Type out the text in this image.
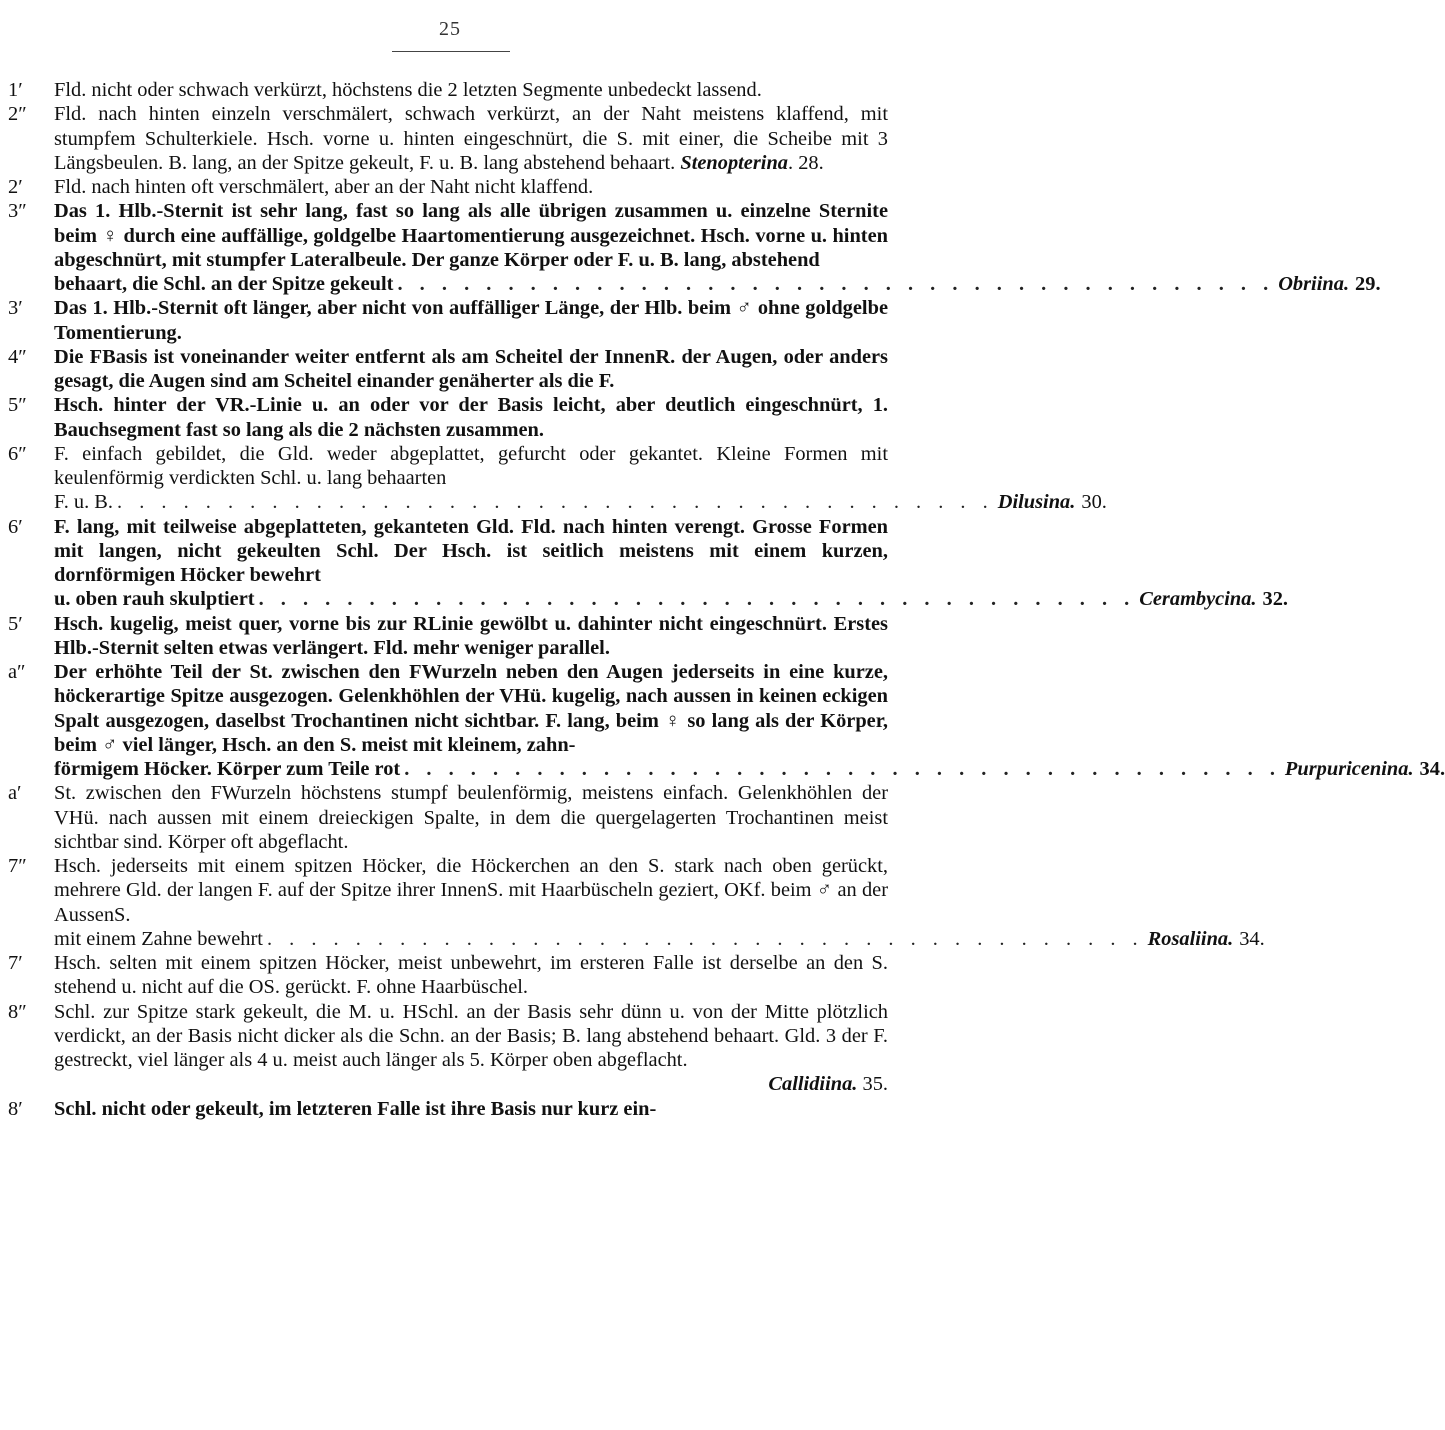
25
1′	Fld. nicht oder schwach verkürzt, höchstens die 2 letzten Segmente unbedeckt lassend.
2″	Fld. nach hinten einzeln verschmälert, schwach verkürzt, an der Naht meistens klaffend, mit stumpfem Schulterkiele. Hsch. vorne u. hinten eingeschnürt, die S. mit einer, die Scheibe mit 3 Längsbeulen. B. lang, an der Spitze gekeult, F. u. B. lang abstehend behaart. Stenopterina. 28.
2′	Fld. nach hinten oft verschmälert, aber an der Naht nicht klaffend.
3″	Das 1. Hlb.-Sternit ist sehr lang, fast so lang als alle übrigen zusammen u. einzelne Sternite beim ♀ durch eine auffällige, goldgelbe Haartomentierung ausgezeichnet. Hsch. vorne u. hinten abgeschnürt, mit stumpfer Lateralbeule. Der ganze Körper oder F. u. B. lang, abstehend
behaart, die Schl. an der Spitze gekeult . . . . . . . . . . . . . . . . . . . . . . . . . . . . . . . . . . . . . . . . Obriina . 29.
3′	Das 1. Hlb.-Sternit oft länger, aber nicht von auffälliger Länge, der Hlb. beim ♂ ohne goldgelbe Tomentierung.
4″	Die FBasis ist voneinander weiter entfernt als am Scheitel der InnenR. der Augen, oder anders gesagt, die Augen sind am Scheitel einander genäherter als die F.
5″	Hsch. hinter der VR.-Linie u. an oder vor der Basis leicht, aber deutlich eingeschnürt, 1. Bauchsegment fast so lang als die 2 nächsten zusammen.
6″	F. einfach gebildet, die Gld. weder abgeplattet, gefurcht oder gekantet. Kleine Formen mit keulenförmig verdickten Schl. u. lang behaarten
F. u. B. . . . . . . . . . . . . . . . . . . . . . . . . . . . . . . . . . . . . . . . . Dilusina . 30.
6′	F. lang, mit teilweise abgeplatteten, gekanteten Gld. Fld. nach hinten verengt. Grosse Formen mit langen, nicht gekeulten Schl. Der Hsch. ist seitlich meistens mit einem kurzen, dornförmigen Höcker bewehrt
u. oben rauh skulptiert . . . . . . . . . . . . . . . . . . . . . . . . . . . . . . . . . . . . . . . . Cerambycina . 32.
5′	Hsch. kugelig, meist quer, vorne bis zur RLinie gewölbt u. dahinter nicht eingeschnürt. Erstes Hlb.-Sternit selten etwas verlängert. Fld. mehr weniger parallel.
a″	Der erhöhte Teil der St. zwischen den FWurzeln neben den Augen jederseits in eine kurze, höckerartige Spitze ausgezogen. Gelenkhöhlen der VHü. kugelig, nach aussen in keinen eckigen Spalt ausgezogen, daselbst Trochantinen nicht sichtbar. F. lang, beim ♀ so lang als der Körper, beim ♂ viel länger, Hsch. an den S. meist mit kleinem, zahn-
förmigem Höcker. Körper zum Teile rot . . . . . . . . . . . . . . . . . . . . . . . . . . . . . . . . . . . . . . . . Purpuricenina . 34.
a′	St. zwischen den FWurzeln höchstens stumpf beulenförmig, meistens einfach. Gelenkhöhlen der VHü. nach aussen mit einem dreieckigen Spalte, in dem die quergelagerten Trochantinen meist sichtbar sind. Körper oft abgeflacht.
7″	Hsch. jederseits mit einem spitzen Höcker, die Höckerchen an den S. stark nach oben gerückt, mehrere Gld. der langen F. auf der Spitze ihrer InnenS. mit Haarbüscheln geziert, OKf. beim ♂ an der AussenS.
mit einem Zahne bewehrt . . . . . . . . . . . . . . . . . . . . . . . . . . . . . . . . . . . . . . . . Rosaliina . 34.
7′	Hsch. selten mit einem spitzen Höcker, meist unbewehrt, im ersteren Falle ist derselbe an den S. stehend u. nicht auf die OS. gerückt. F. ohne Haarbüschel.
8″	Schl. zur Spitze stark gekeult, die M. u. HSchl. an der Basis sehr dünn u. von der Mitte plötzlich verdickt, an der Basis nicht dicker als die Schn. an der Basis; B. lang abstehend behaart. Gld. 3 der F. gestreckt, viel länger als 4 u. meist auch länger als 5. Körper oben abgeflacht.
Callidiina. 35.
8′	Schl. nicht oder gekeult, im letzteren Falle ist ihre Basis nur kurz ein-
